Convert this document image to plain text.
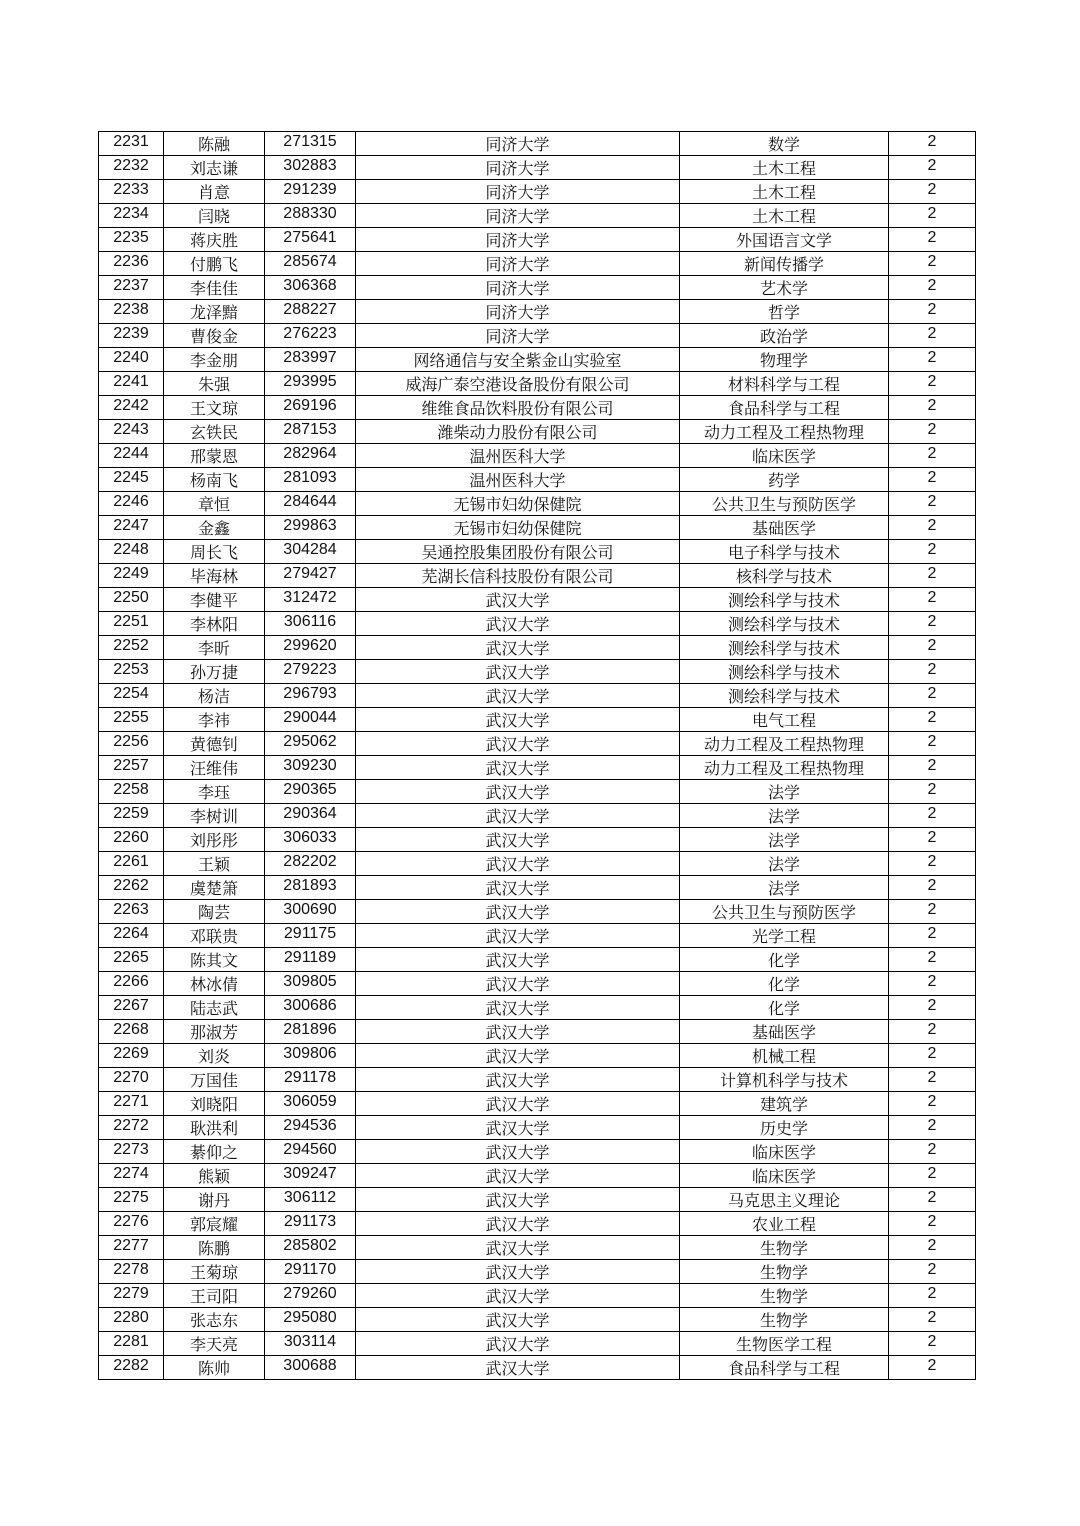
2231	陈融	271315	同济大学	数学	2
2232	刘志谦	302883	同济大学	土木工程	2
2233	肖意	291239	同济大学	土木工程	2
2234	闫晓	288330	同济大学	土木工程	2
2235	蒋庆胜	275641	同济大学	外国语言文学	2
2236	付鹏飞	285674	同济大学	新闻传播学	2
2237	李佳佳	306368	同济大学	艺术学	2
2238	龙泽黯	288227	同济大学	哲学	2
2239	曹俊金	276223	同济大学	政治学	2
2240	李金朋	283997	网络通信与安全紫金山实验室	物理学	2
2241	朱强	293995	威海广泰空港设备股份有限公司	材料科学与工程	2
2242	王文琼	269196	维维食品饮料股份有限公司	食品科学与工程	2
2243	玄铁民	287153	潍柴动力股份有限公司	动力工程及工程热物理	2
2244	邢蒙恩	282964	温州医科大学	临床医学	2
2245	杨南飞	281093	温州医科大学	药学	2
2246	章恒	284644	无锡市妇幼保健院	公共卫生与预防医学	2
2247	金鑫	299863	无锡市妇幼保健院	基础医学	2
2248	周长飞	304284	吴通控股集团股份有限公司	电子科学与技术	2
2249	毕海林	279427	芜湖长信科技股份有限公司	核科学与技术	2
2250	李健平	312472	武汉大学	测绘科学与技术	2
2251	李林阳	306116	武汉大学	测绘科学与技术	2
2252	李昕	299620	武汉大学	测绘科学与技术	2
2253	孙万捷	279223	武汉大学	测绘科学与技术	2
2254	杨洁	296793	武汉大学	测绘科学与技术	2
2255	李祎	290044	武汉大学	电气工程	2
2256	黄德钊	295062	武汉大学	动力工程及工程热物理	2
2257	汪维伟	309230	武汉大学	动力工程及工程热物理	2
2258	李珏	290365	武汉大学	法学	2
2259	李树训	290364	武汉大学	法学	2
2260	刘彤彤	306033	武汉大学	法学	2
2261	王颖	282202	武汉大学	法学	2
2262	虞楚箫	281893	武汉大学	法学	2
2263	陶芸	300690	武汉大学	公共卫生与预防医学	2
2264	邓联贵	291175	武汉大学	光学工程	2
2265	陈其文	291189	武汉大学	化学	2
2266	林冰倩	309805	武汉大学	化学	2
2267	陆志武	300686	武汉大学	化学	2
2268	那淑芳	281896	武汉大学	基础医学	2
2269	刘炎	309806	武汉大学	机械工程	2
2270	万国佳	291178	武汉大学	计算机科学与技术	2
2271	刘晓阳	306059	武汉大学	建筑学	2
2272	耿洪利	294536	武汉大学	历史学	2
2273	綦仰之	294560	武汉大学	临床医学	2
2274	熊颖	309247	武汉大学	临床医学	2
2275	谢丹	306112	武汉大学	马克思主义理论	2
2276	郭宸耀	291173	武汉大学	农业工程	2
2277	陈鹏	285802	武汉大学	生物学	2
2278	王菊琼	291170	武汉大学	生物学	2
2279	王司阳	279260	武汉大学	生物学	2
2280	张志东	295080	武汉大学	生物学	2
2281	李天亮	303114	武汉大学	生物医学工程	2
2282	陈帅	300688	武汉大学	食品科学与工程	2
